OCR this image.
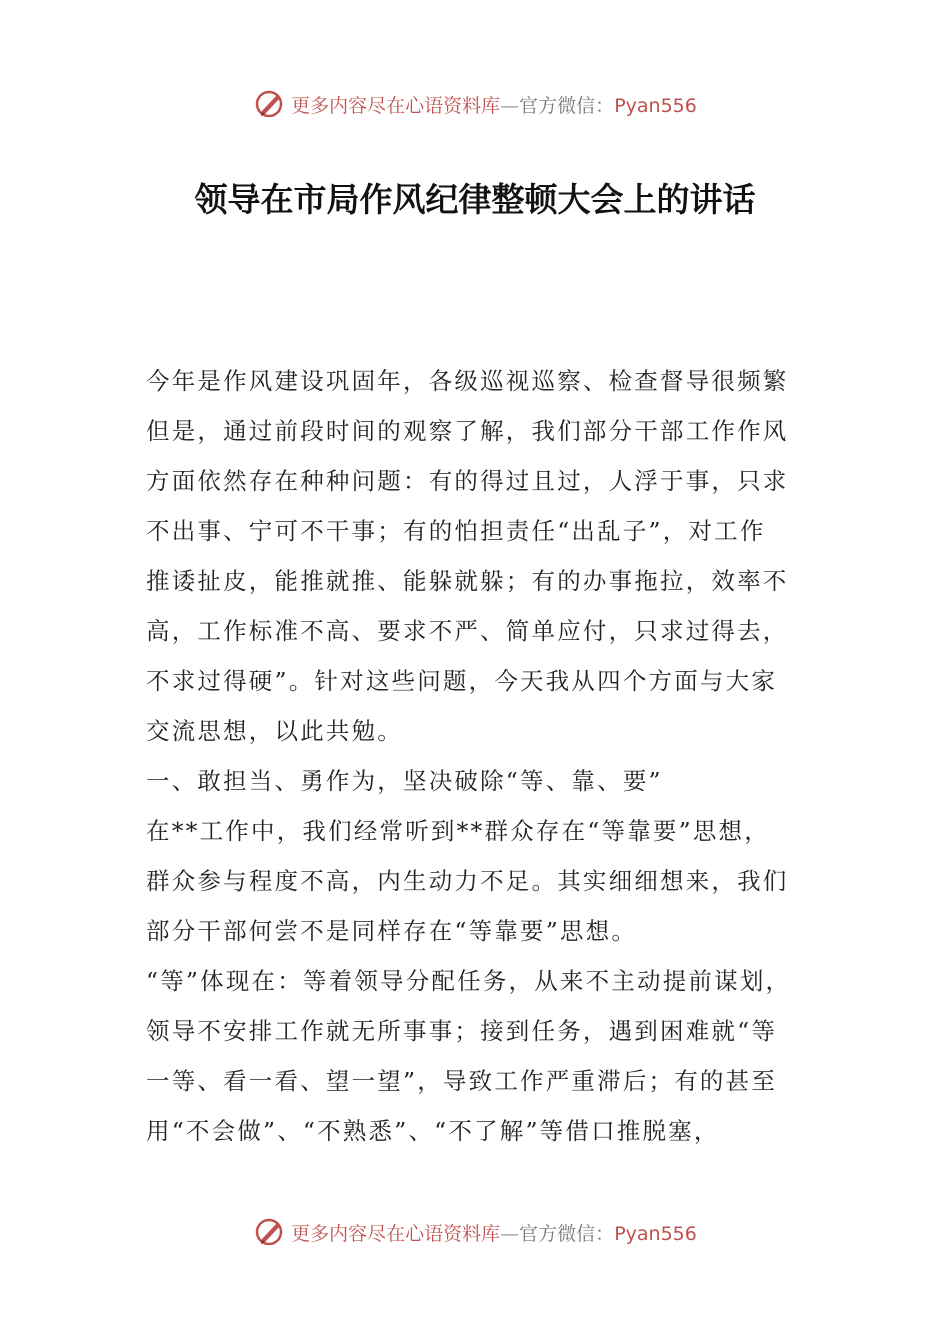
更多内容尽在心语资料库—官方微信：Pyan556
领导在市局作风纪律整顿大会上的讲话
今年是作风建设巩固年，各级巡视巡察、检查督导很频繁
但是，通过前段时间的观察了解，我们部分干部工作作风
方面依然存在种种问题：有的得过且过，人浮于事，只求
不出事、宁可不干事；有的怕担责任“出乱子”，对工作
推诿扯皮，能推就推、能躲就躲；有的办事拖拉，效率不
高，工作标准不高、要求不严、简单应付，只求过得去，
不求过得硬”。针对这些问题，今天我从四个方面与大家
交流思想，以此共勉。
一、敢担当、勇作为，坚决破除“等、靠、要”
在**工作中，我们经常听到**群众存在“等靠要”思想，
群众参与程度不高，内生动力不足。其实细细想来，我们
部分干部何尝不是同样存在“等靠要”思想。
“等”体现在：等着领导分配任务，从来不主动提前谋划，
领导不安排工作就无所事事；接到任务，遇到困难就“等
一等、看一看、望一望”，导致工作严重滞后；有的甚至
用“不会做”、“不熟悉”、“不了解”等借口推脱塞，
更多内容尽在心语资料库—官方微信：Pyan556
